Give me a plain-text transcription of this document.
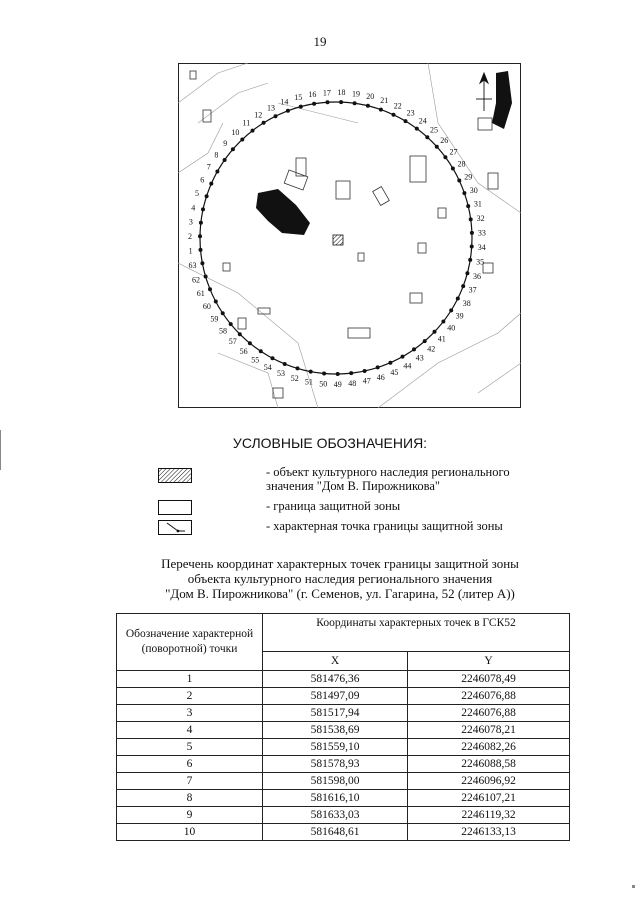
19
1
2
3
4
5
6
7
8
9
10
11
12
13
14 15 16 17 18 19 20 21
22
23
24
25
26
27
28
29
30
31
32
33
34
35
36
37
38
39
40
41
42
43
44
45
46
47
48
49
50
51
52
53
54
55
56
57
58
59
60
61
62
63
УСЛОВНЫЕ ОБОЗНАЧЕНИЯ:
- объект культурного наследия регионального значения "Дом В. Пирожникова"
- граница защитной зоны
- характерная точка границы защитной зоны
Перечень координат характерных точек границы защитной зоны
объекта культурного наследия регионального значения
"Дом В. Пирожникова" (г. Семенов, ул. Гагарина, 52 (литер А))
Обозначение характерной (поворотной) точки	Координаты характерных точек в ГСК52	
	X	Y
1	581476,36	2246078,49
2	581497,09	2246076,88
3	581517,94	2246076,88
4	581538,69	2246078,21
5	581559,10	2246082,26
6	581578,93	2246088,58
7	581598,00	2246096,92
8	581616,10	2246107,21
9	581633,03	2246119,32
10	581648,61	2246133,13
